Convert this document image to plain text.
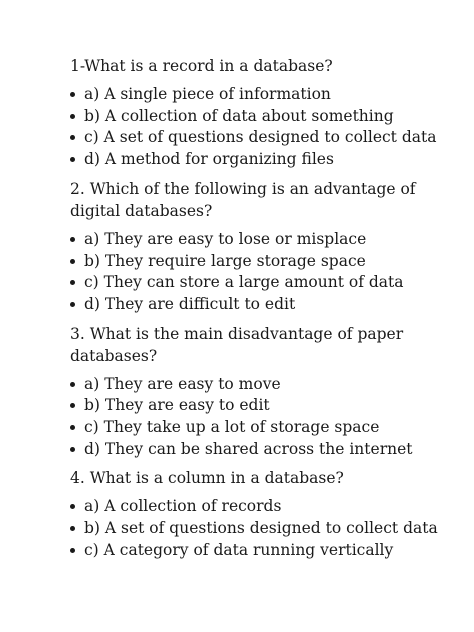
1-What is a record in a database?

a) A single piece of information
b) A collection of data about something
c) A set of questions designed to collect data
d) A method for organizing files

2. Which of the following is an advantage of digital databases?

a) They are easy to lose or misplace
b) They require large storage space
c) They can store a large amount of data
d) They are difficult to edit

3. What is the main disadvantage of paper databases?

a) They are easy to move
b) They are easy to edit
c) They take up a lot of storage space
d) They can be shared across the internet

4. What is a column in a database?

a) A collection of records
b) A set of questions designed to collect data
c) A category of data running vertically
